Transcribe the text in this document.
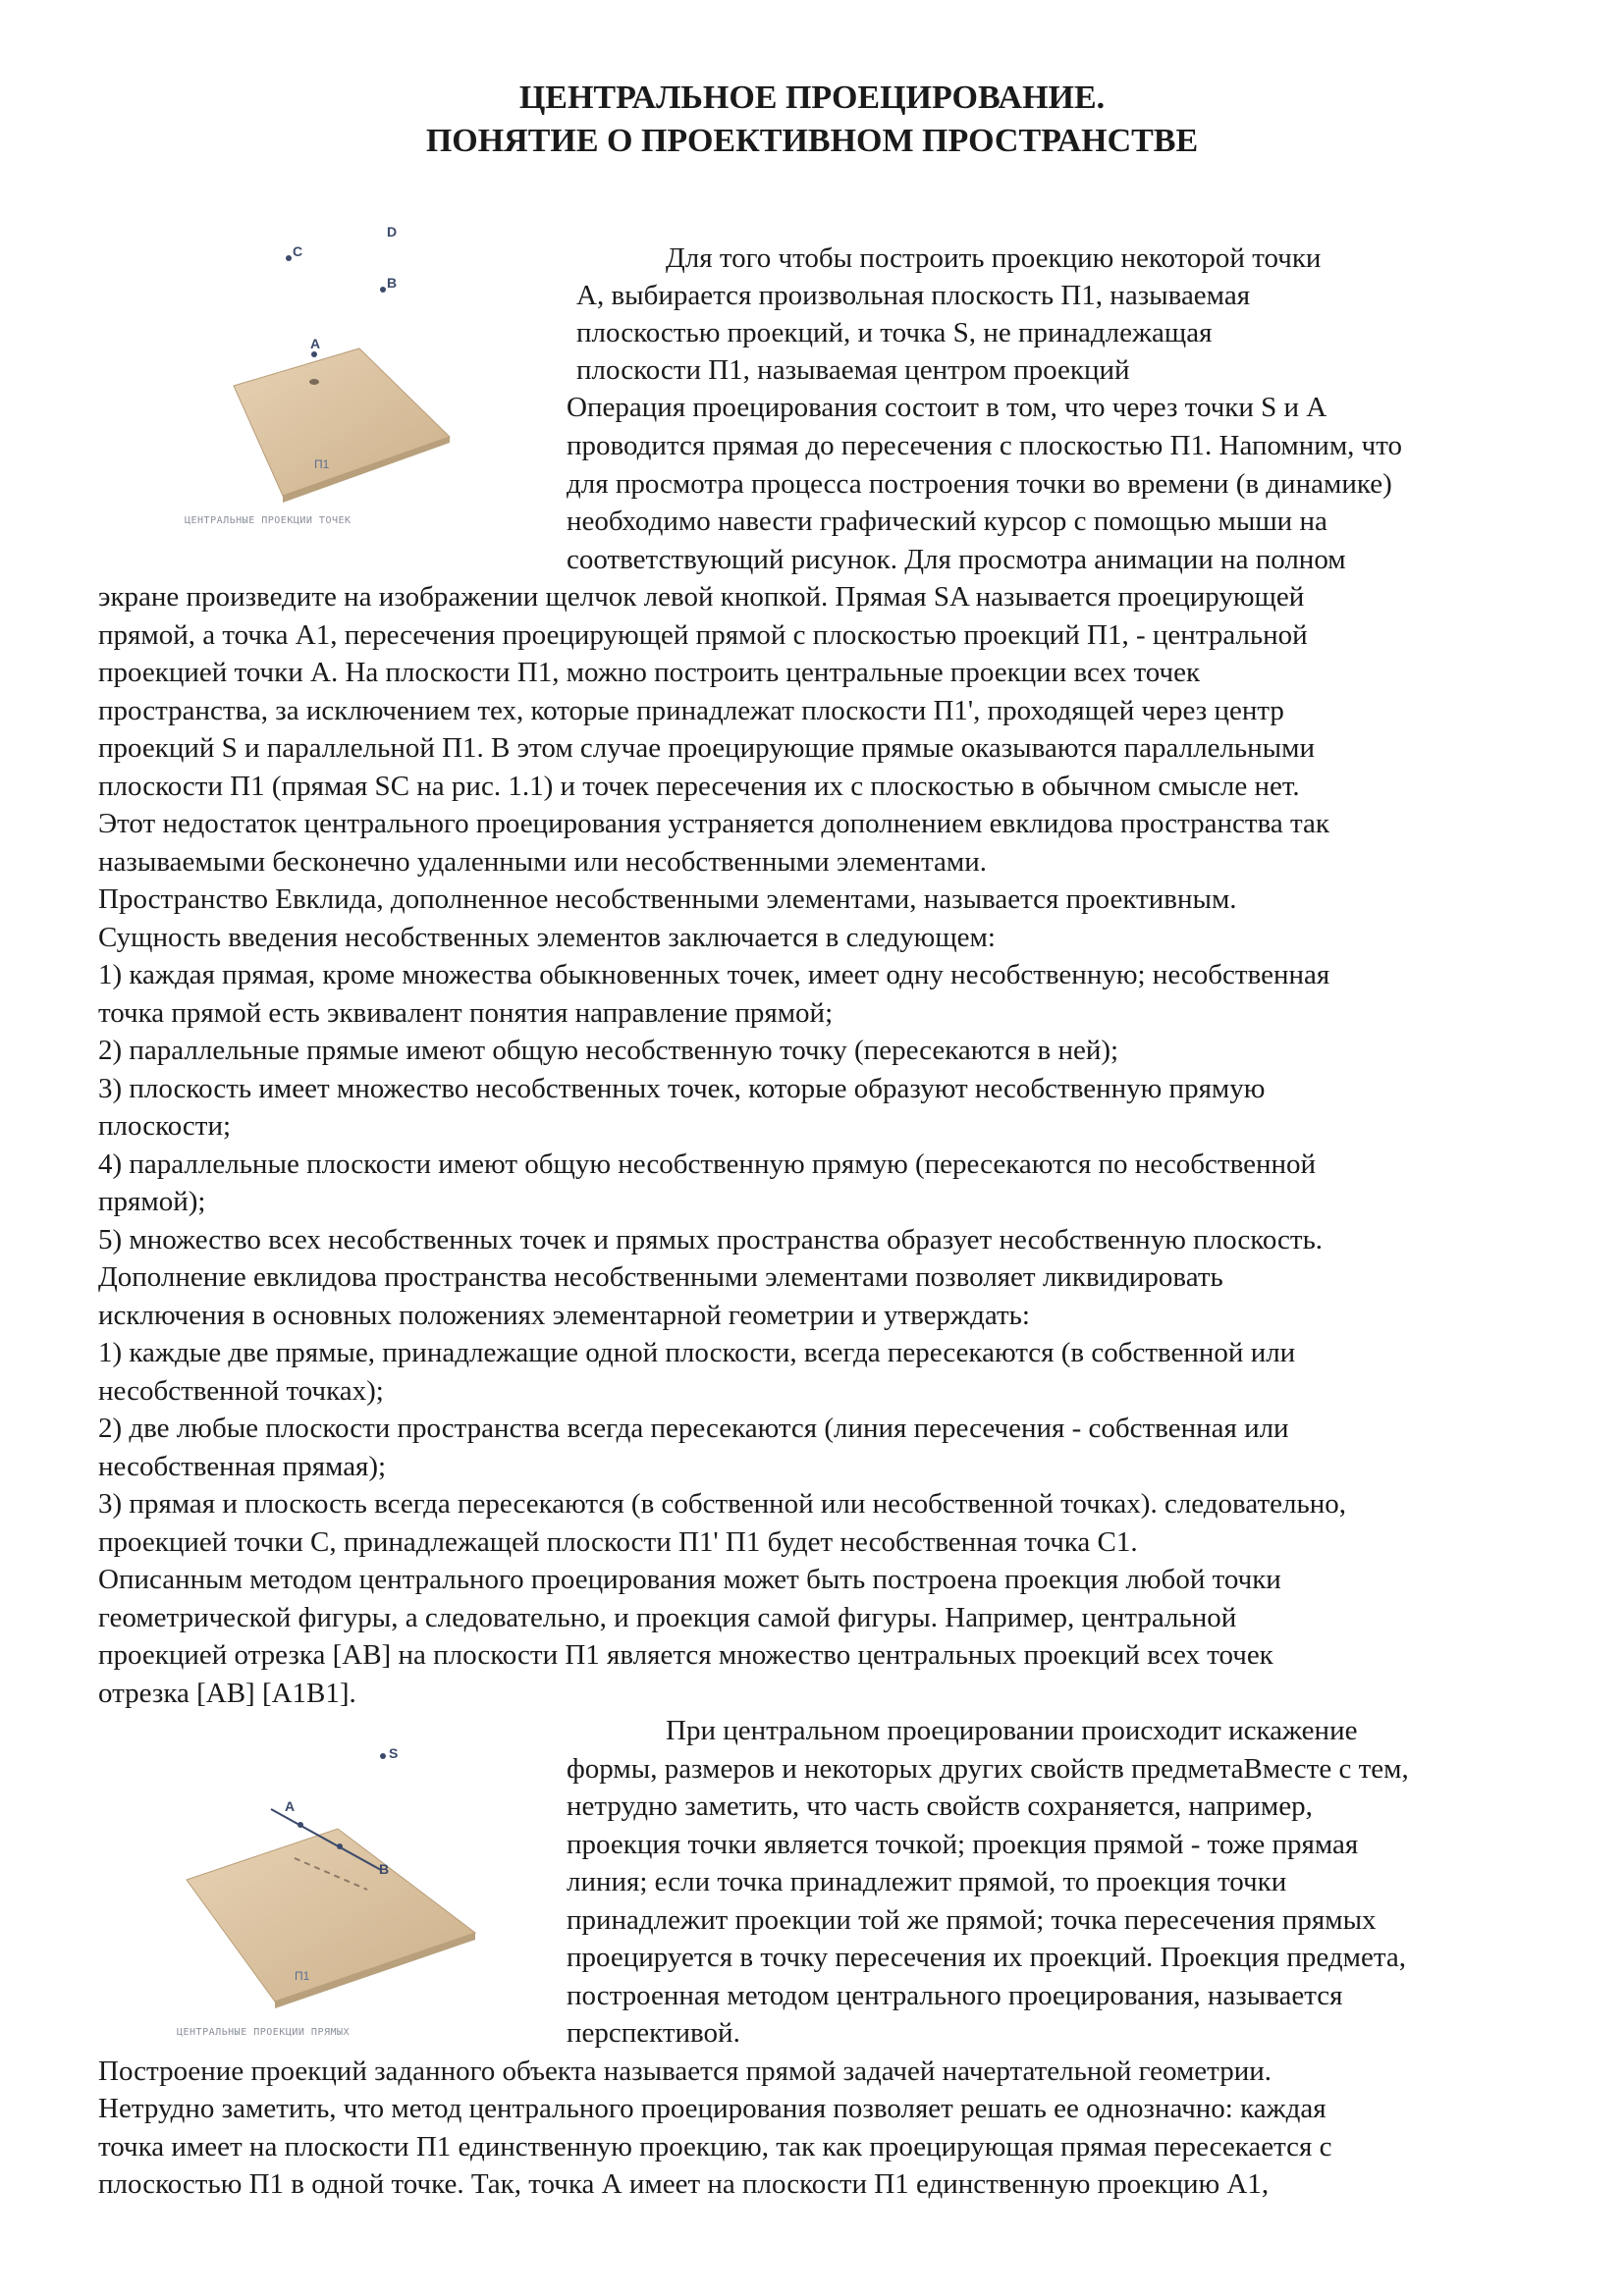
ЦЕНТРАЛЬНОЕ ПРОЕЦИРОВАНИЕ.
ПОНЯТИЕ О ПРОЕКТИВНОМ ПРОСТРАНСТВЕ
C
D
B
A
П1
ЦЕНТРАЛЬНЫЕ ПРОЕКЦИИ ТОЧЕК
Для того чтобы построить проекцию некоторой точки
А, выбирается произвольная плоскость П1, называемая
плоскостью проекций, и точка S, не принадлежащая
плоскости П1, называемая центром проекций
Операция проецирования состоит в том, что через точки S и A
проводится прямая до пересечения с плоскостью П1. Напомним, что
для просмотра процесса построения точки во времени (в динамике)
необходимо навести графический курсор с помощью мыши на
соответствующий рисунок. Для просмотра анимации на полном
экране произведите на изображении щелчок левой кнопкой. Прямая SA называется проецирующей
прямой, а точка A1, пересечения проецирующей прямой с плоскостью проекций П1, - центральной
проекцией точки А. На плоскости П1, можно построить центральные проекции всех точек
пространства, за исключением тех, которые принадлежат плоскости П1', проходящей через центр
проекций S и параллельной П1. В этом случае проецирующие прямые оказываются параллельными
плоскости П1 (прямая SC на рис. 1.1) и точек пересечения их с плоскостью в обычном смысле нет.
Этот недостаток центрального проецирования устраняется дополнением евклидова пространства так
называемыми бесконечно удаленными или несобственными элементами.
Пространство Евклида, дополненное несобственными элементами, называется проективным.
Сущность введения несобственных элементов заключается в следующем:
1) каждая прямая, кроме множества обыкновенных точек, имеет одну несобственную; несобственная
точка прямой есть эквивалент понятия направление прямой;
2) параллельные прямые имеют общую несобственную точку (пересекаются в ней);
3) плоскость имеет множество несобственных точек, которые образуют несобственную прямую
плоскости;
4) параллельные плоскости имеют общую несобственную прямую (пересекаются по несобственной
прямой);
5) множество всех несобственных точек и прямых пространства образует несобственную плоскость.
Дополнение евклидова пространства несобственными элементами позволяет ликвидировать
исключения в основных положениях элементарной геометрии и утверждать:
1) каждые две прямые, принадлежащие одной плоскости, всегда пересекаются (в собственной или
несобственной точках);
2) две любые плоскости пространства всегда пересекаются (линия пересечения - собственная или
несобственная прямая);
3) прямая и плоскость всегда пересекаются (в собственной или несобственной точках). следовательно,
проекцией точки С, принадлежащей плоскости П1' П1 будет несобственная точка С1.
Описанным методом центрального проецирования может быть построена проекция любой точки
геометрической фигуры, а следовательно, и проекция самой фигуры. Например, центральной
проекцией отрезка [AB] на плоскости П1 является множество центральных проекций всех точек
отрезка [AB] [A1B1].
S
A
B
П1
ЦЕНТРАЛЬНЫЕ ПРОЕКЦИИ ПРЯМЫХ
При центральном проецировании происходит искажение
формы, размеров и некоторых других свойств предметаВместе с тем,
нетрудно заметить, что часть свойств сохраняется, например,
проекция точки является точкой; проекция прямой - тоже прямая
линия; если точка принадлежит прямой, то проекция точки
принадлежит проекции той же прямой; точка пересечения прямых
проецируется в точку пересечения их проекций. Проекция предмета,
построенная методом центрального проецирования, называется
перспективой.
Построение проекций заданного объекта называется прямой задачей начертательной геометрии.
Нетрудно заметить, что метод центрального проецирования позволяет решать ее однозначно: каждая
точка имеет на плоскости П1 единственную проекцию, так как проецирующая прямая пересекается с
плоскостью П1 в одной точке. Так, точка А имеет на плоскости П1 единственную проекцию А1,
